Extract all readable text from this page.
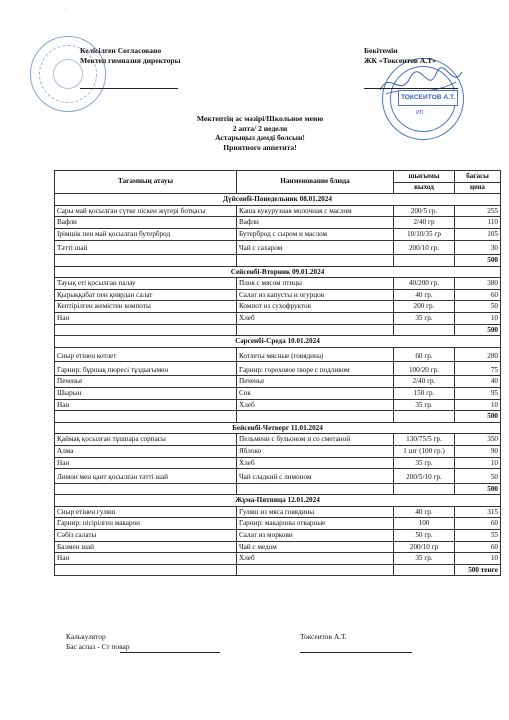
∙∙
Келісілген Согласовано
Мектеп гимназия директоры
ТОКСЕИТОВ А.Т.
ИП
Бекітемін
ЖК «Токсеитов А.Т»
Мектептің ас мәзірі/Школьное меню
2 апта/ 2 недели
Астарыңыз дәмді болсын!
Приятного аппетита!
Тағамның атауы	Наименование блюда	шығымы	бағасы
		выход	цена
Дүйсенбі-Понедельник 08.01.2024			
Сары май қосылған сүтке піскен жүгері ботқасы	Каша кукурузная молочная с маслом	200/5 гр.	255
Вафли	Вафли	2/40 гр	110
Ірімшік пен май қосылған бутерброд	Бутерброд с сыром и маслом	10/10/35 гр	105
Тәтті шай	Чай с сахаром	200/10 гр.	30
			500
Сейсенбі-Вторник 09.01.2024			
Тауық еті қосылған палау	Плов с мясом птицы	40/200 гр.	380
Қырыққабат пен қиярдан салат	Салат из капусты и огурцов	40 гр.	60
Кептірілген жемістен компоты	Компот из сухофруктов	200 гр.	50
Нан	Хлеб	35 гр.	10
			500
Сәрсенбі-Среда 10.01.2024			
Сиыр етінен котлет	Котлеты мясные (говядина)	60 гр.	280
Гарнир: бұршақ пюресі тұздығымен	Гарнир: гороховое пюре с подливом	100/20 гр.	75
Печенье	Печенье	2/40 гр.	40
Шырын	Сок	150 гр.	95
Нан	Хлеб	35 гр.	10
			500
Бейсенбі-Четверг 11.01.2024			
Қаймақ қосылған тұшпара сорпасы	Пельмени с бульоном и со сметаной	130/75/5 гр.	350
Алма	Яблоко	1 шт (100 гр.)	90
Нан	Хлеб	35 гр.	10
Лимон мен қант қосылған тәтті шай	Чай сладкий с лимоном	200/5/10 гр.	50
			500
Жұма-Пятница 12.01.2024			
Сиыр етінен гуляш	Гуляш из мяса говядины	40 гр.	315
Гарнир: пісірілген макарон	Гарнир: макароны отварные	100	60
Сәбіз салаты	Салат из моркови	50 гр.	55
Балмен шай	Чай с медом	200/10 гр	60
Нан	Хлеб	35 гр.	10
			500 тенге
Калькулятор
Бас аспаз - Ст повар
Токсеитов А.Т.
